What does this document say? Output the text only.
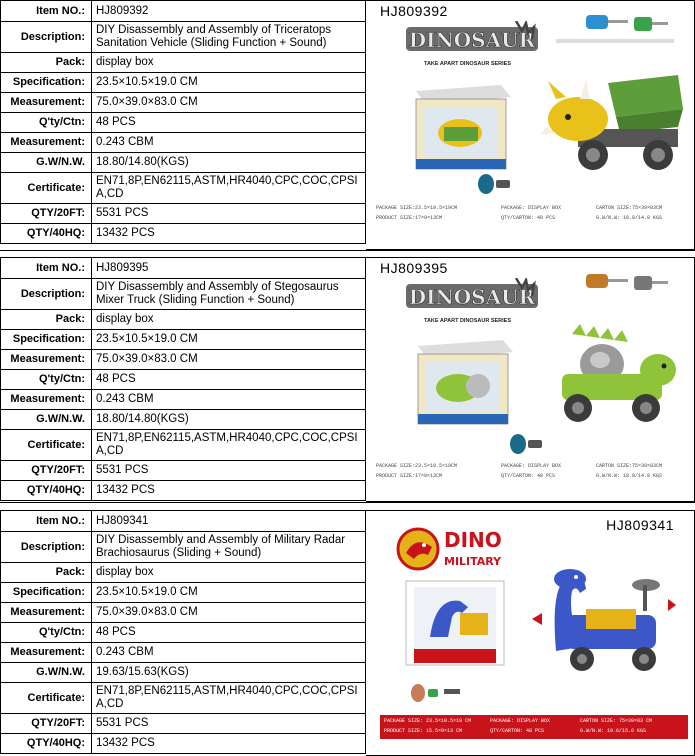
Item NO.:	HJ809392
Description:	DIY Disassembly and Assembly of Triceratops Sanitation Vehicle (Sliding Function + Sound)
Pack:	display box
Specification:	23.5×10.5×19.0 CM
Measurement:	75.0×39.0×83.0 CM
Q'ty/Ctn:	48 PCS
Measurement:	0.243 CBM
G.W/N.W.	18.80/14.80(KGS)
Certificate:	EN71,8P,EN62115,ASTM,HR4040,CPC,COC,CPSIA,CD
QTY/20FT:	5531 PCS
QTY/40HQ:	13432 PCS
HJ809392
DINOSAUR
TAKE APART DINOSAUR SERIES
PACKAGE SIZE:23.5×10.5×19CM	PACKAGE: DISPLAY BOX	CARTON SIZE:75×39×83CM
PRODUCT SIZE:17×9×13CM	QTY/CARTON: 48 PCS	G.W/N.W: 18.8/14.8 KGS
Item NO.:	HJ809395
Description:	DIY Disassembly and Assembly of Stegosaurus Mixer Truck (Sliding Function + Sound)
Pack:	display box
Specification:	23.5×10.5×19.0 CM
Measurement:	75.0×39.0×83.0 CM
Q'ty/Ctn:	48 PCS
Measurement:	0.243 CBM
G.W/N.W.	18.80/14.80(KGS)
Certificate:	EN71,8P,EN62115,ASTM,HR4040,CPC,COC,CPSIA,CD
QTY/20FT:	5531 PCS
QTY/40HQ:	13432 PCS
HJ809395
DINOSAUR
TAKE APART DINOSAUR SERIES
PACKAGE SIZE:23.5×10.5×19CM	PACKAGE: DISPLAY BOX	CARTON SIZE:75×39×83CM
PRODUCT SIZE:17×9×13CM	QTY/CARTON: 48 PCS	G.W/N.W: 18.8/14.8 KGS
Item NO.:	HJ809341
Description:	DIY Disassembly and Assembly of Military Radar Brachiosaurus (Sliding + Sound)
Pack:	display box
Specification:	23.5×10.5×19.0 CM
Measurement:	75.0×39.0×83.0 CM
Q'ty/Ctn:	48 PCS
Measurement:	0.243 CBM
G.W/N.W.	19.63/15.63(KGS)
Certificate:	EN71,8P,EN62115,ASTM,HR4040,CPC,COC,CPSIA,CD
QTY/20FT:	5531 PCS
QTY/40HQ:	13432 PCS
HJ809341
DINO
MILITARY
PACKAGE SIZE: 23.5×10.5×19 CM	PACKAGE: DISPLAY BOX	CARTON SIZE: 75×39×83 CM
PRODUCT SIZE: 15.5×9×13 CM	QTY/CARTON: 48 PCS	G.W/N.W: 19.6/15.6 KGS
